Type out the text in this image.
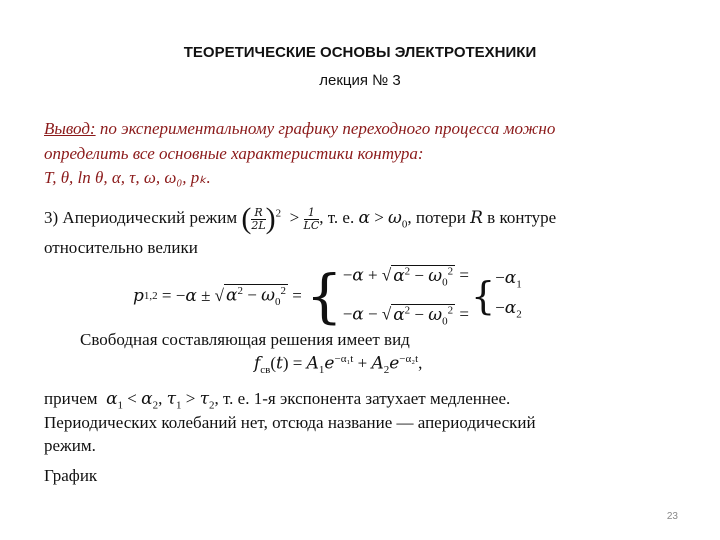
ТЕОРЕТИЧЕСКИЕ ОСНОВЫ ЭЛЕКТРОТЕХНИКИ
лекция № 3
Вывод: по экспериментальному графику переходного процесса можно
определить все основные характеристики контура:
T, θ, ln θ, α, τ, ω, ω₀, pₖ.
3) Апериодический режим ( $\frac{R}{2L} )^2 > \frac{1}{LC}$ , т. е. $\alpha > \omega_0$, потери R в контуре
относительно велики
p 1,2 = − α ± √ $\alpha^2 - \omega_0^2$ = { −α + √ $\alpha^2 - \omega_0^2$ =
−α − √ $\alpha^2 - \omega_0^2$ = { $-\alpha_1$
$-\alpha_2$
Свободная составляющая решения имеет вид
$f_{св}(t) = A_1e^{-\alpha_1t} + A_2e^{-\alpha_2t}$,
причем $\alpha_1 < \alpha_2$, $\tau_1 > \tau_2$, т. е. 1-я экспонента затухает медленнее.
Периодических колебаний нет, отсюда название — апериодический
режим.
График
23
